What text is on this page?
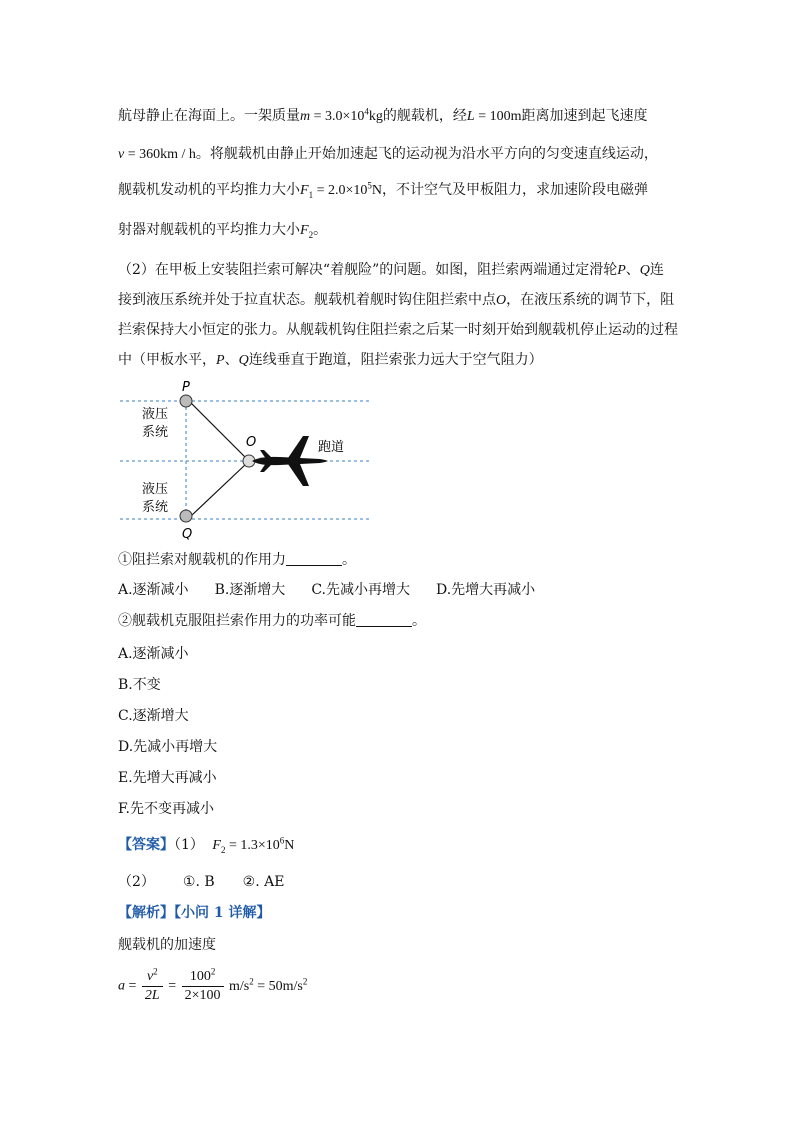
航母静止在海面上。一架质量$m = 3.0\times 10^4kg$的舰载机，经L = 100m距离加速到起飞速度
v = 360km / h。将舰载机由静止开始加速起飞的运动视为沿水平方向的匀变速直线运动，
舰载机发动机的平均推力大小$F_1 = 2.0\times 10^5N$，不计空气及甲板阻力，求加速阶段电磁弹
射器对舰载机的平均推力大小$F_2$。
（2）在甲板上安装阻拦索可解决“着舰险”的问题。如图，阻拦索两端通过定滑轮P、Q连
接到液压系统并处于拉直状态。舰载机着舰时钩住阻拦索中点O，在液压系统的调节下，阻
拦索保持大小恒定的张力。从舰载机钩住阻拦索之后某一时刻开始到舰载机停止运动的过程
中（甲板水平，P、Q连线垂直于跑道，阻拦索张力远大于空气阻力）
P
Q
O
液压
系统
液压
系统
跑道
①阻拦索对舰载机的作用力	。
A.逐渐减小 B.逐渐增大 C.先减小再增大 D.先增大再减小
②舰载机克服阻拦索作用力的功率可能	。
A.逐渐减小
B.不变
C.逐渐增大
D.先减小再增大
E.先增大再减小
F.先不变再减小
【答案】（1） $F_2 = 1.3\times 10^6N$
（2） ①. B ②. AE
【解析】【小问 1 详解】
舰载机的加速度
$a = \frac{v^2}{2L} = \frac{100^2}{2\times 100} m/s^2 = 50m/s^2$
